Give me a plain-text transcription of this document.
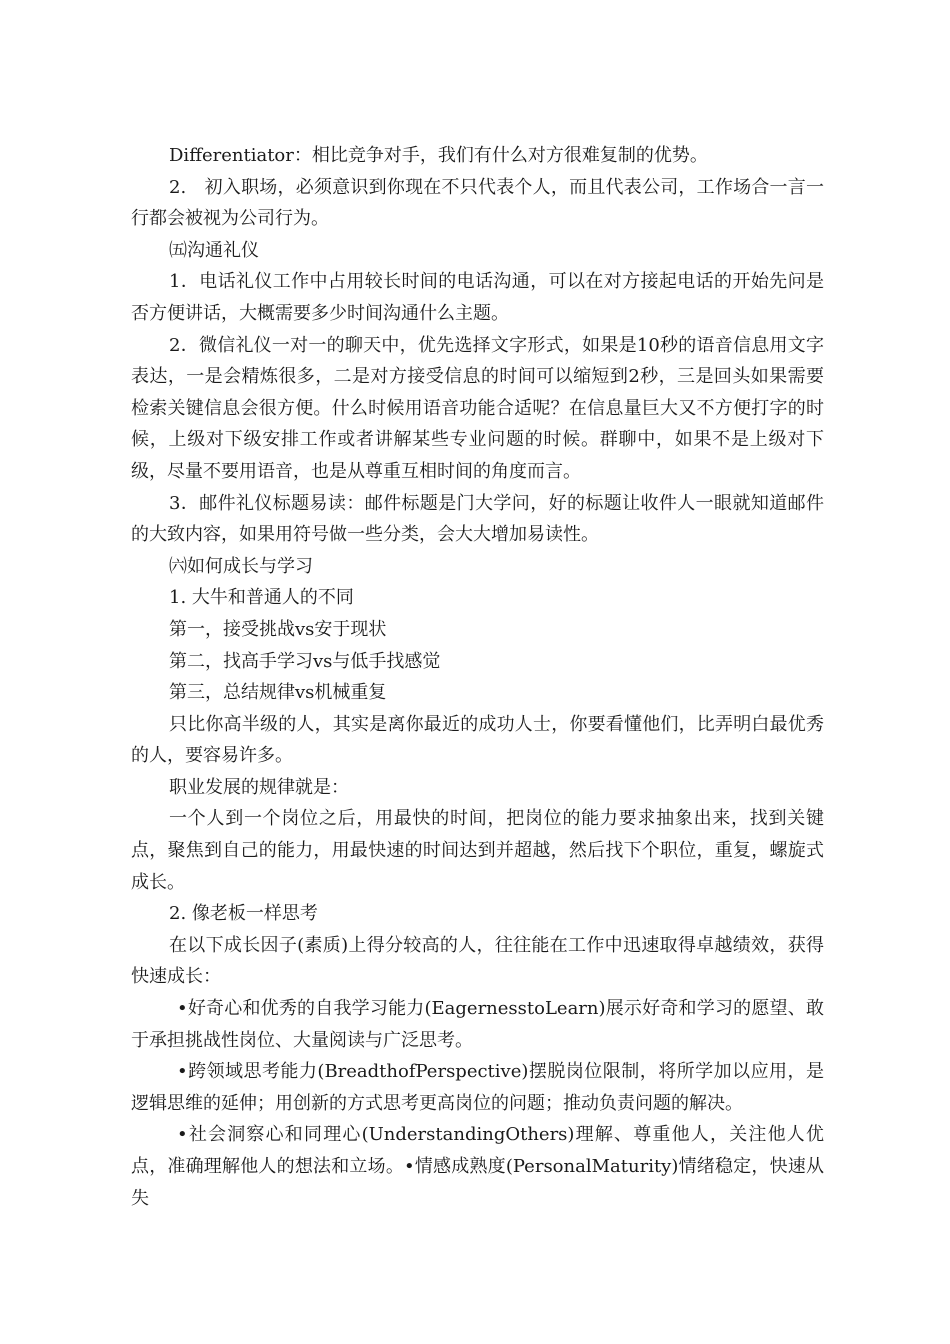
Differentiator：相比竞争对手，我们有什么对方很难复制的优势。

2.　初入职场，必须意识到你现在不只代表个人，而且代表公司，工作场合一言一行都会被视为公司行为。

㈤沟通礼仪

1．电话礼仪工作中占用较长时间的电话沟通，可以在对方接起电话的开始先问是否方便讲话，大概需要多少时间沟通什么主题。

2．微信礼仪一对一的聊天中，优先选择文字形式，如果是10秒的语音信息用文字表达，一是会精炼很多，二是对方接受信息的时间可以缩短到2秒，三是回头如果需要检索关键信息会很方便。什么时候用语音功能合适呢？在信息量巨大又不方便打字的时候，上级对下级安排工作或者讲解某些专业问题的时候。群聊中，如果不是上级对下级，尽量不要用语音，也是从尊重互相时间的角度而言。

3．邮件礼仪标题易读：邮件标题是门大学问，好的标题让收件人一眼就知道邮件的大致内容，如果用符号做一些分类，会大大增加易读性。

㈥如何成长与学习

1. 大牛和普通人的不同

第一，接受挑战vs安于现状

第二，找高手学习vs与低手找感觉

第三，总结规律vs机械重复

只比你高半级的人，其实是离你最近的成功人士，你要看懂他们，比弄明白最优秀的人，要容易许多。

职业发展的规律就是：

一个人到一个岗位之后，用最快的时间，把岗位的能力要求抽象出来，找到关键点，聚焦到自己的能力，用最快速的时间达到并超越，然后找下个职位，重复，螺旋式成长。

2. 像老板一样思考

在以下成长因子(素质)上得分较高的人，往往能在工作中迅速取得卓越绩效，获得快速成长：

•好奇心和优秀的自我学习能力(EagernesstoLearn)展示好奇和学习的愿望、敢于承担挑战性岗位、大量阅读与广泛思考。

•跨领域思考能力(BreadthofPerspective)摆脱岗位限制，将所学加以应用，是逻辑思维的延伸；用创新的方式思考更高岗位的问题；推动负责问题的解决。

•社会洞察心和同理心(UnderstandingOthers)理解、尊重他人，关注他人优点，准确理解他人的想法和立场。•情感成熟度(PersonalMaturity)情绪稳定，快速从失
